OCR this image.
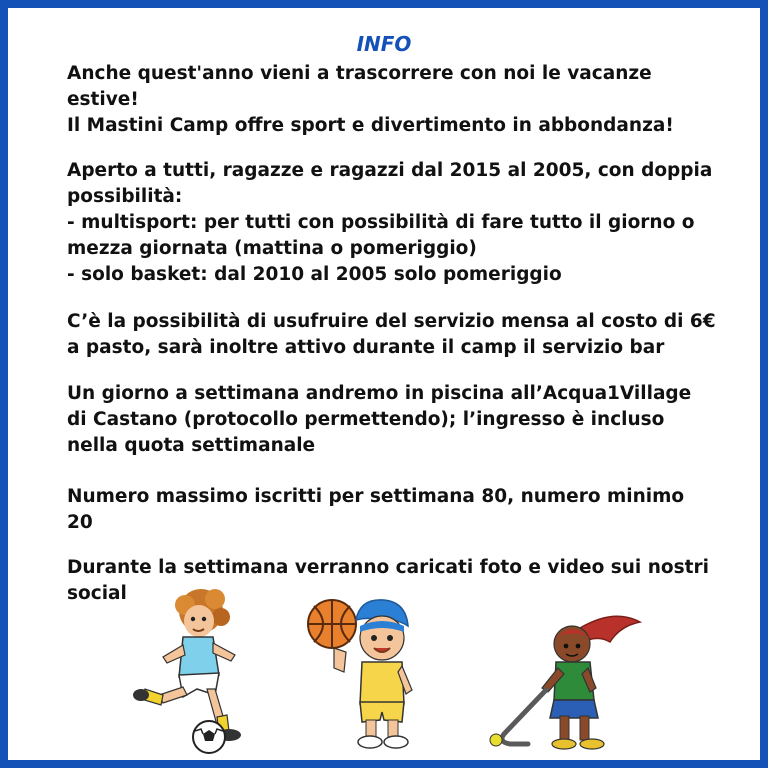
INFO
Anche quest'anno vieni a trascorrere con noi le vacanze
estive!
Il Mastini Camp offre sport e divertimento in abbondanza!
Aperto a tutti, ragazze e ragazzi dal 2015 al 2005, con doppia
possibilità:
- multisport: per tutti con possibilità di fare tutto il giorno o
mezza giornata (mattina o pomeriggio)
- solo basket: dal 2010 al 2005 solo pomeriggio
C’è la possibilità di usufruire del servizio mensa al costo di 6€
a pasto, sarà inoltre attivo durante il camp il servizio bar
Un giorno a settimana andremo in piscina all’Acqua1Village
di Castano (protocollo permettendo); l’ingresso è incluso
nella quota settimanale
Numero massimo iscritti per settimana 80, numero minimo
20
Durante la settimana verranno caricati foto e video sui nostri
social
